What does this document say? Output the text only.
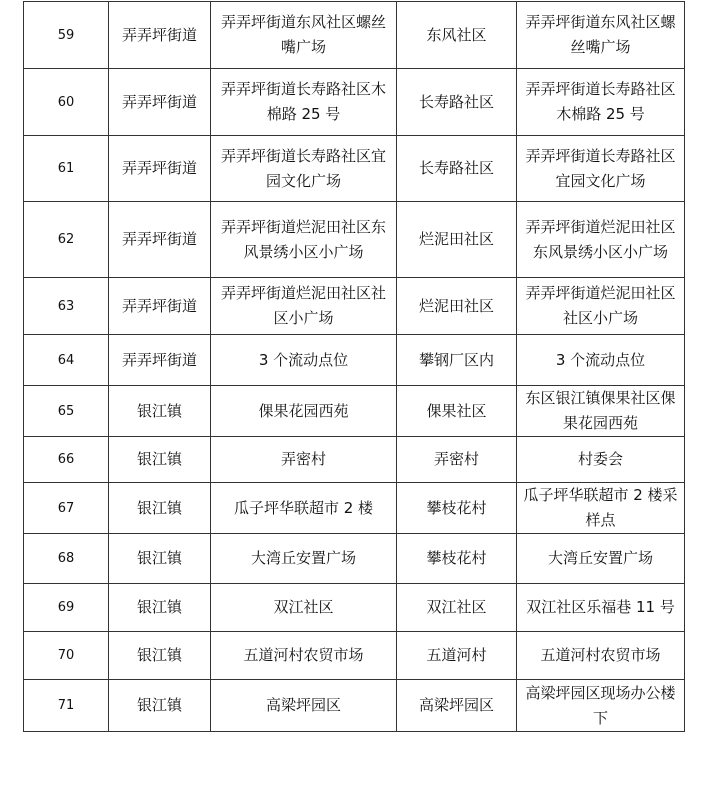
59	弄弄坪街道	弄弄坪街道东风社区螺丝嘴广场	东风社区	弄弄坪街道东风社区螺丝嘴广场
60	弄弄坪街道	弄弄坪街道长寿路社区木棉路 25 号	长寿路社区	弄弄坪街道长寿路社区木棉路 25 号
61	弄弄坪街道	弄弄坪街道长寿路社区宜园文化广场	长寿路社区	弄弄坪街道长寿路社区宜园文化广场
62	弄弄坪街道	弄弄坪街道烂泥田社区东风景绣小区小广场	烂泥田社区	弄弄坪街道烂泥田社区东风景绣小区小广场
63	弄弄坪街道	弄弄坪街道烂泥田社区社区小广场	烂泥田社区	弄弄坪街道烂泥田社区社区小广场
64	弄弄坪街道	3 个流动点位	攀钢厂区内	3 个流动点位
65	银江镇	倮果花园西苑	倮果社区	东区银江镇倮果社区倮果花园西苑
66	银江镇	弄密村	弄密村	村委会
67	银江镇	瓜子坪华联超市 2 楼	攀枝花村	瓜子坪华联超市 2 楼采样点
68	银江镇	大湾丘安置广场	攀枝花村	大湾丘安置广场
69	银江镇	双江社区	双江社区	双江社区乐福巷 11 号
70	银江镇	五道河村农贸市场	五道河村	五道河村农贸市场
71	银江镇	高梁坪园区	高梁坪园区	高梁坪园区现场办公楼下
